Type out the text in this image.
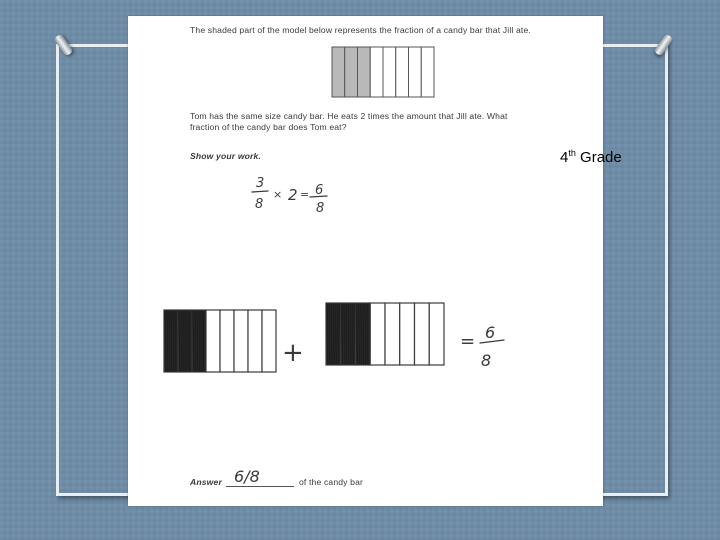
The shaded part of the model below represents the fraction of a candy bar that Jill ate.
Tom has the same size candy bar. He eats 2 times the amount that Jill ate. What
fraction of the candy bar does Tom eat?
Show your work.
Answer	of the candy bar
3
8
× 2 = 6
8
+	= 6
8
6/8
4th Grade
